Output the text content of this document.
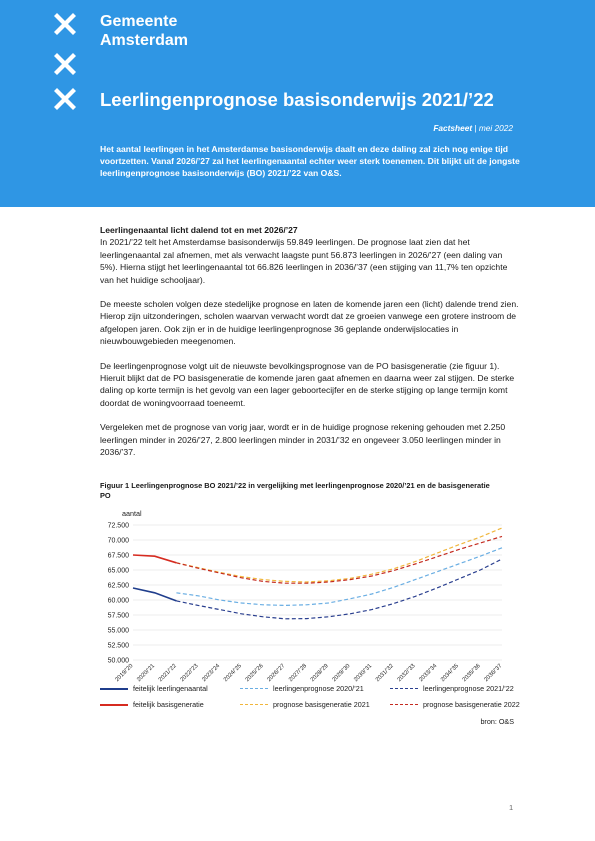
Gemeente
Amsterdam
Leerlingenprognose basisonderwijs 2021/’22
Factsheet | mei 2022
Het aantal leerlingen in het Amsterdamse basisonderwijs daalt en deze daling zal zich nog enige tijd voortzetten. Vanaf 2026/’27 zal het leerlingenaantal echter weer sterk toenemen. Dit blijkt uit de jongste leerlingenprognose basisonderwijs (BO) 2021/’22 van O&S.
Leerlingenaantal licht dalend tot en met 2026/’27

In 2021/’22 telt het Amsterdamse basisonderwijs 59.849 leerlingen. De prognose laat zien dat het leerlingenaantal zal afnemen, met als verwacht laagste punt 56.873 leerlingen in 2026/’27 (een daling van 5%). Hierna stijgt het leerlingenaantal tot 66.826 leerlingen in 2036/’37 (een stijging van 11,7% ten opzichte van het huidige schooljaar).

De meeste scholen volgen deze stedelijke prognose en laten de komende jaren een (licht) dalende trend zien. Hierop zijn uitzonderingen, scholen waarvan verwacht wordt dat ze groeien vanwege een grotere instroom de afgelopen jaren. Ook zijn er in de huidige leerlingenprognose 36 geplande onderwijslocaties in nieuwbouwgebieden meegenomen.

De leerlingenprognose volgt uit de nieuwste bevolkingsprognose van de PO basisgeneratie (zie figuur 1). Hieruit blijkt dat de PO basisgeneratie de komende jaren gaat afnemen en daarna weer zal stijgen. De sterke daling op korte termijn is het gevolg van een lager geboortecijfer en de sterke stijging op lange termijn komt doordat de woningvoorraad toeneemt.

Vergeleken met de prognose van vorig jaar, wordt er in de huidige prognose rekening gehouden met 2.250 leerlingen minder in 2026/’27, 2.800 leerlingen minder in 2031/’32 en ongeveer 3.050 leerlingen minder in 2036/’37.

Figuur 1 Leerlingenprognose BO 2021/’22 in vergelijking met leerlingenprognose 2020/’21 en de basisgeneratie PO
aantal
72.500
70.000
67.500
65.000
62.500
60.000
57.500
55.000
52.500
50.000
2019/’20 2020/’21 2021/’22 2022/’23 2023/’24 2024/’25 2025/’26 2026/’27 2027/’28 2028/’29 2029/’30 2030/’31 2031/’32 2032/’33 2033/’34 2034/’35 2035/’36 2036/’37
feitelijk leerlingenaantal	leerlingenprognose 2020/’21	leerlingenprognose 2021/’22
feitelijk basisgeneratie	prognose basisgeneratie 2021	prognose basisgeneratie 2022
bron: O&S
1
